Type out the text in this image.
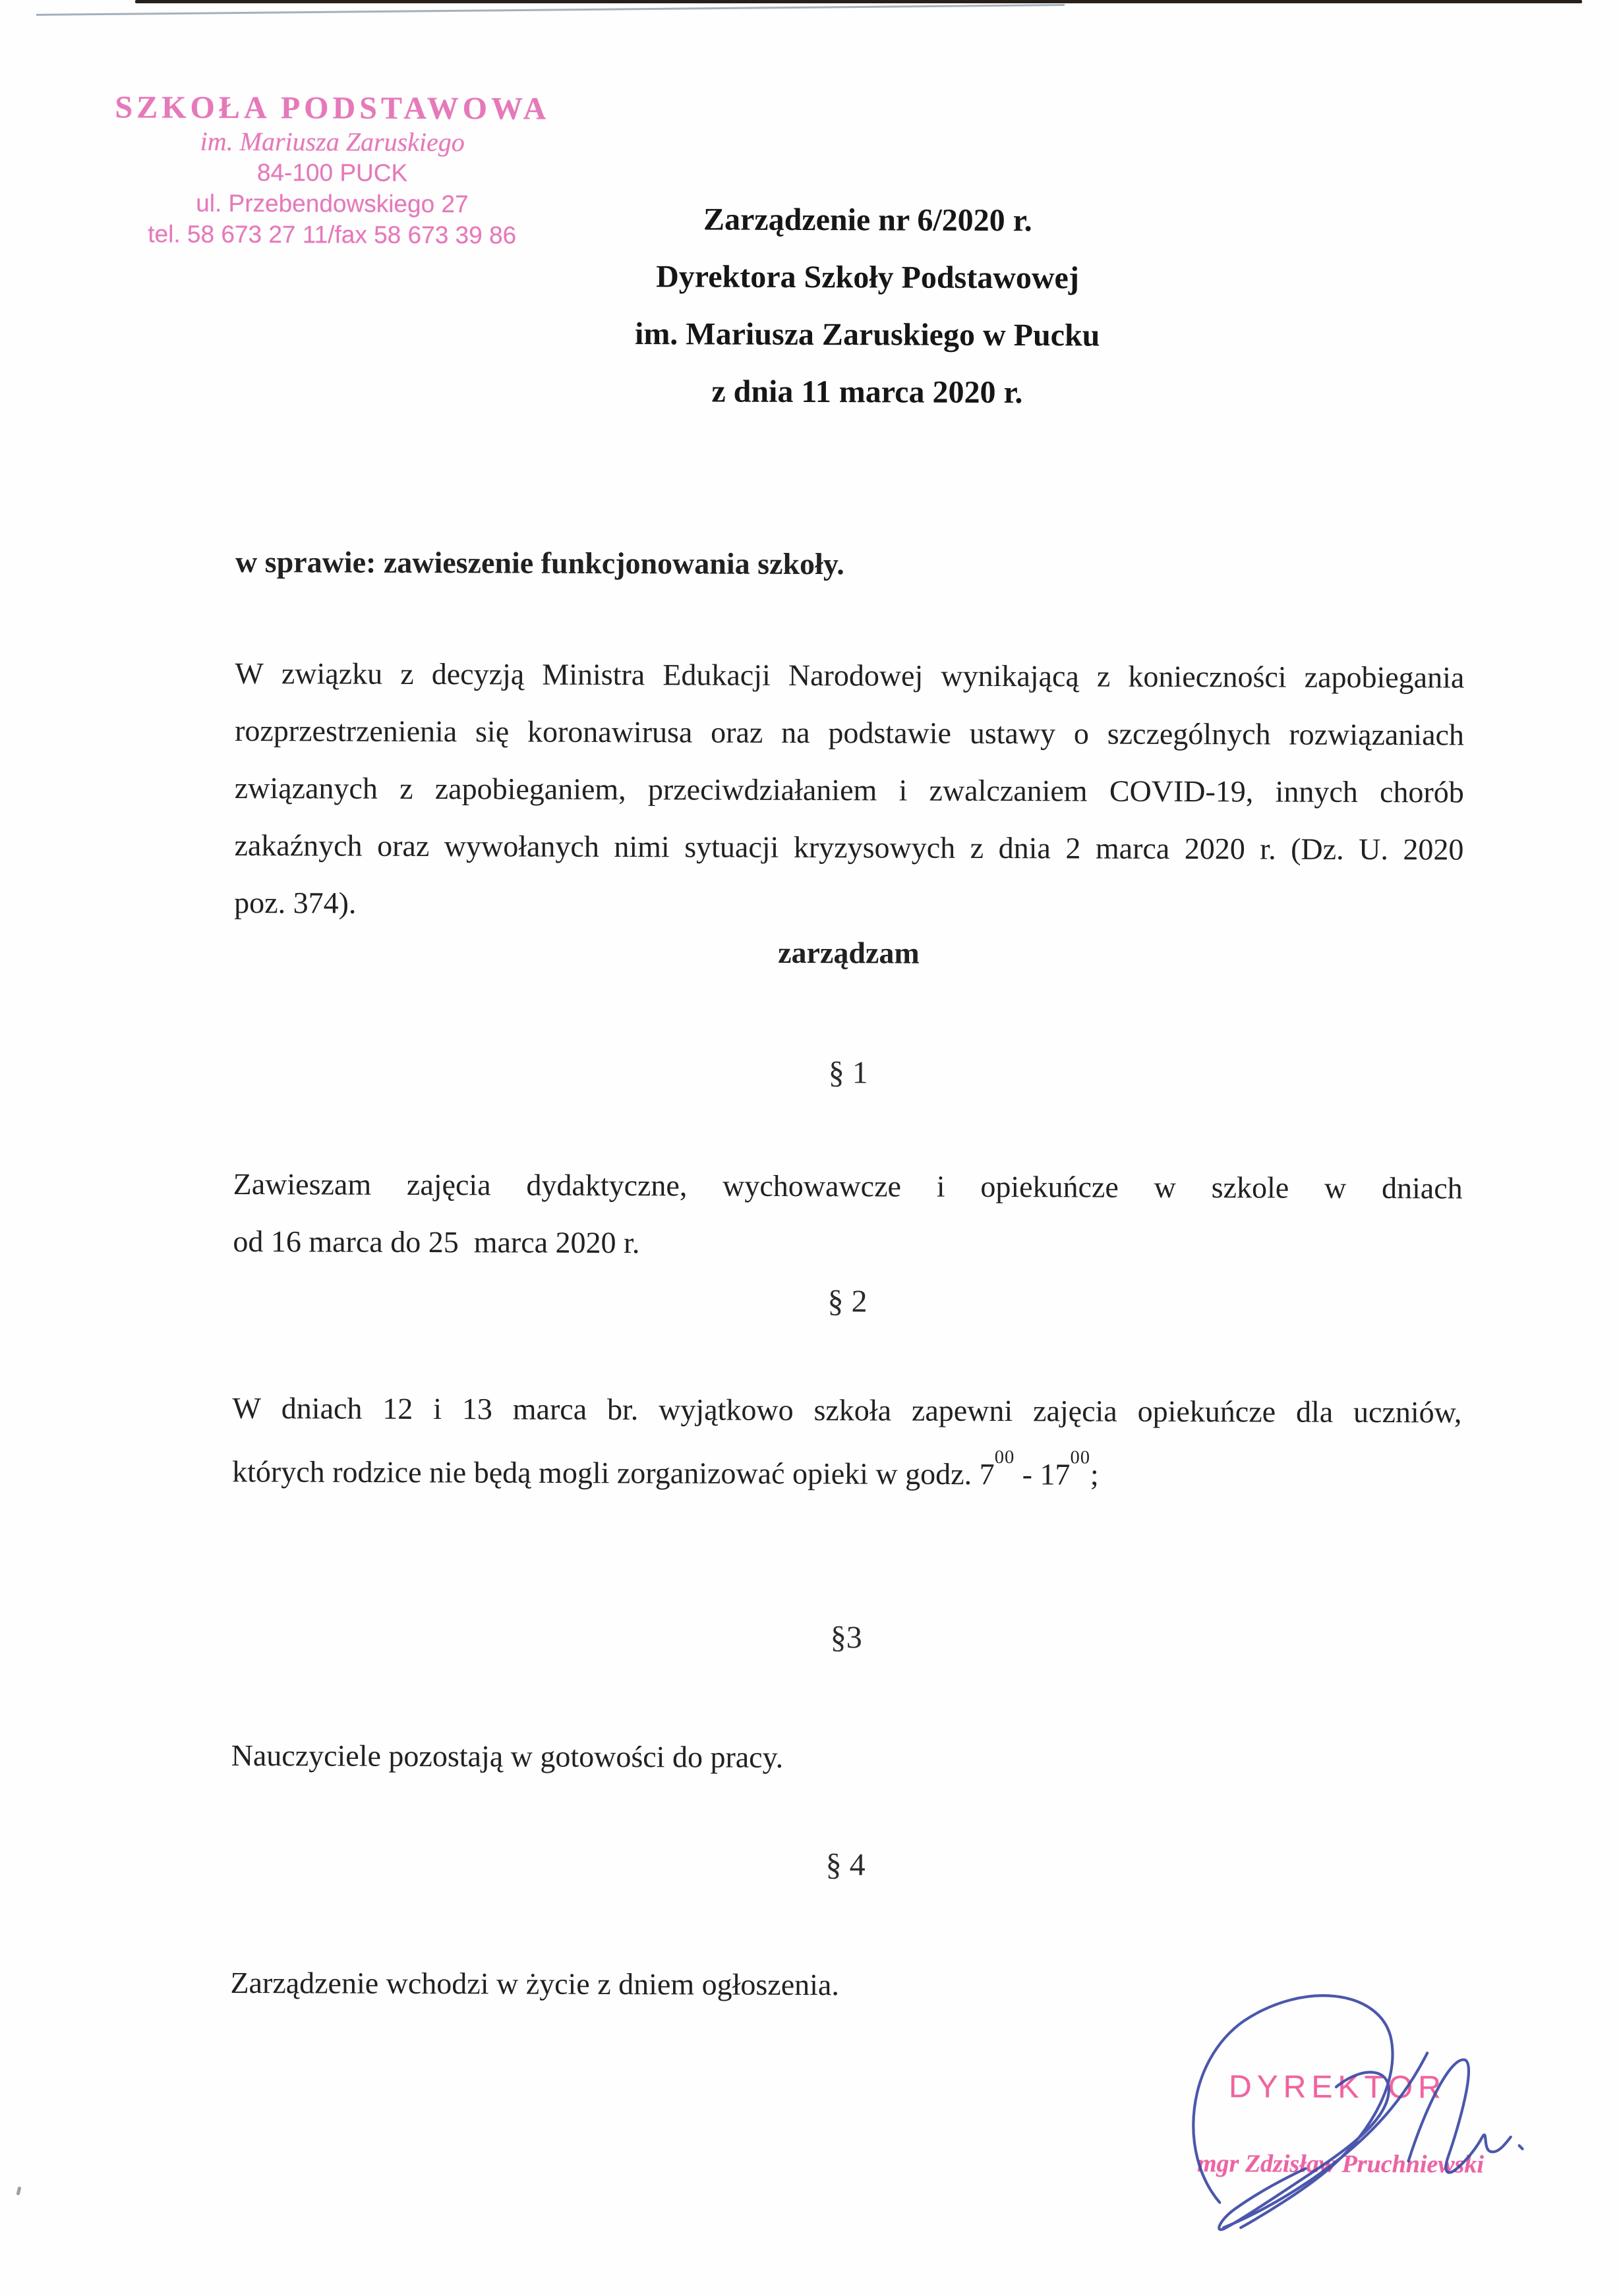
SZKOŁA PODSTAWOWA
im. Mariusza Zaruskiego
84-100 PUCK
ul. Przebendowskiego 27
tel. 58 673 27 11/fax 58 673 39 86	Zarządzenie nr 6/2020 r.
Dyrektora Szkoły Podstawowej
im. Mariusza Zaruskiego w Pucku
z dnia 11 marca 2020 r.
w sprawie: zawieszenie funkcjonowania szkoły.
W związku z decyzją Ministra Edukacji Narodowej wynikającą z konieczności zapobiegania
rozprzestrzenienia się koronawirusa oraz na podstawie ustawy o szczególnych rozwiązaniach
związanych z zapobieganiem, przeciwdziałaniem i zwalczaniem COVID-19, innych chorób
zakaźnych oraz wywołanych nimi sytuacji kryzysowych z dnia 2 marca 2020 r. (Dz. U. 2020
poz. 374).
zarządzam
§ 1
Zawieszam zajęcia dydaktyczne, wychowawcze i opiekuńcze w szkole w dniach
od 16 marca do 25  marca 2020 r.
§ 2
W dniach 12 i 13 marca br. wyjątkowo szkoła zapewni zajęcia opiekuńcze dla uczniów,
których rodzice nie będą mogli zorganizować opieki w godz. $7^{00} - 17^{00}$;
§3
Nauczyciele pozostają w gotowości do pracy.
§ 4
Zarządzenie wchodzi w życie z dniem ogłoszenia.
DYREKTOR
mgr Zdzisław Pruchniewski
